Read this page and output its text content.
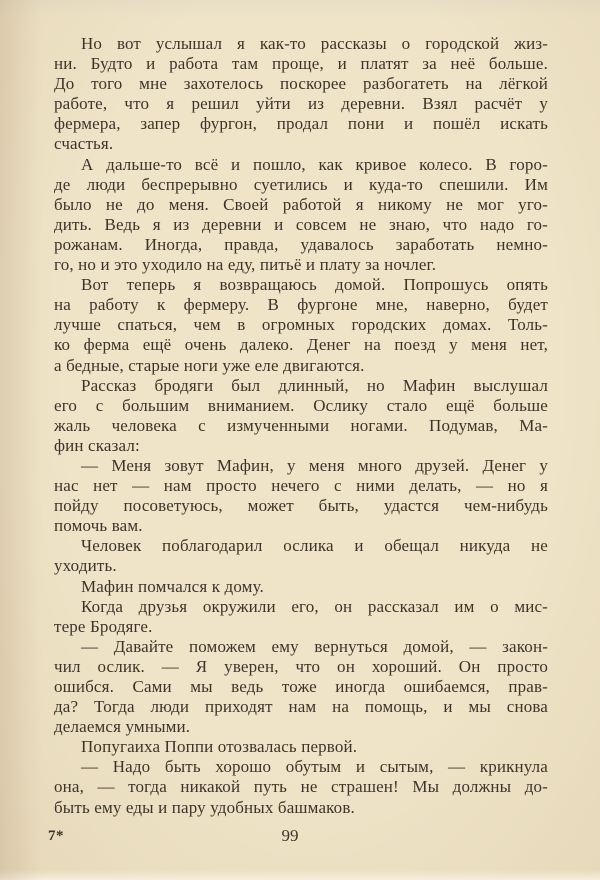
Но вот услышал я как-то рассказы о городской жиз-
ни. Будто и работа там проще, и платят за неё больше.
До того мне захотелось поскорее разбогатеть на лёгкой
работе, что я решил уйти из деревни. Взял расчёт у
фермера, запер фургон, продал пони и пошёл искать
счастья.
А дальше-то всё и пошло, как кривое колесо. В горо-
де люди беспрерывно суетились и куда-то спешили. Им
было не до меня. Своей работой я никому не мог уго-
дить. Ведь я из деревни и совсем не знаю, что надо го-
рожанам. Иногда, правда, удавалось заработать немно-
го, но и это уходило на еду, питьё и плату за ночлег.
Вот теперь я возвращаюсь домой. Попрошусь опять
на работу к фермеру. В фургоне мне, наверно, будет
лучше спаться, чем в огромных городских домах. Толь-
ко ферма ещё очень далеко. Денег на поезд у меня нет,
а бедные, старые ноги уже еле двигаются.
Рассказ бродяги был длинный, но Мафин выслушал
его с большим вниманием. Ослику стало ещё больше
жаль человека с измученными ногами. Подумав, Ма-
фин сказал:
— Меня зовут Мафин, у меня много друзей. Денег у
нас нет — нам просто нечего с ними делать, — но я
пойду посоветуюсь, может быть, удастся чем-нибудь
помочь вам.
Человек поблагодарил ослика и обещал никуда не
уходить.
Мафин помчался к дому.
Когда друзья окружили его, он рассказал им о мис-
тере Бродяге.
— Давайте поможем ему вернуться домой, — закон-
чил ослик. — Я уверен, что он хороший. Он просто
ошибся. Сами мы ведь тоже иногда ошибаемся, прав-
да? Тогда люди приходят нам на помощь, и мы снова
делаемся умными.
Попугаиха Поппи отозвалась первой.
— Надо быть хорошо обутым и сытым, — крикнула
она, — тогда никакой путь не страшен! Мы должны до-
быть ему еды и пару удобных башмаков.
7*	99
